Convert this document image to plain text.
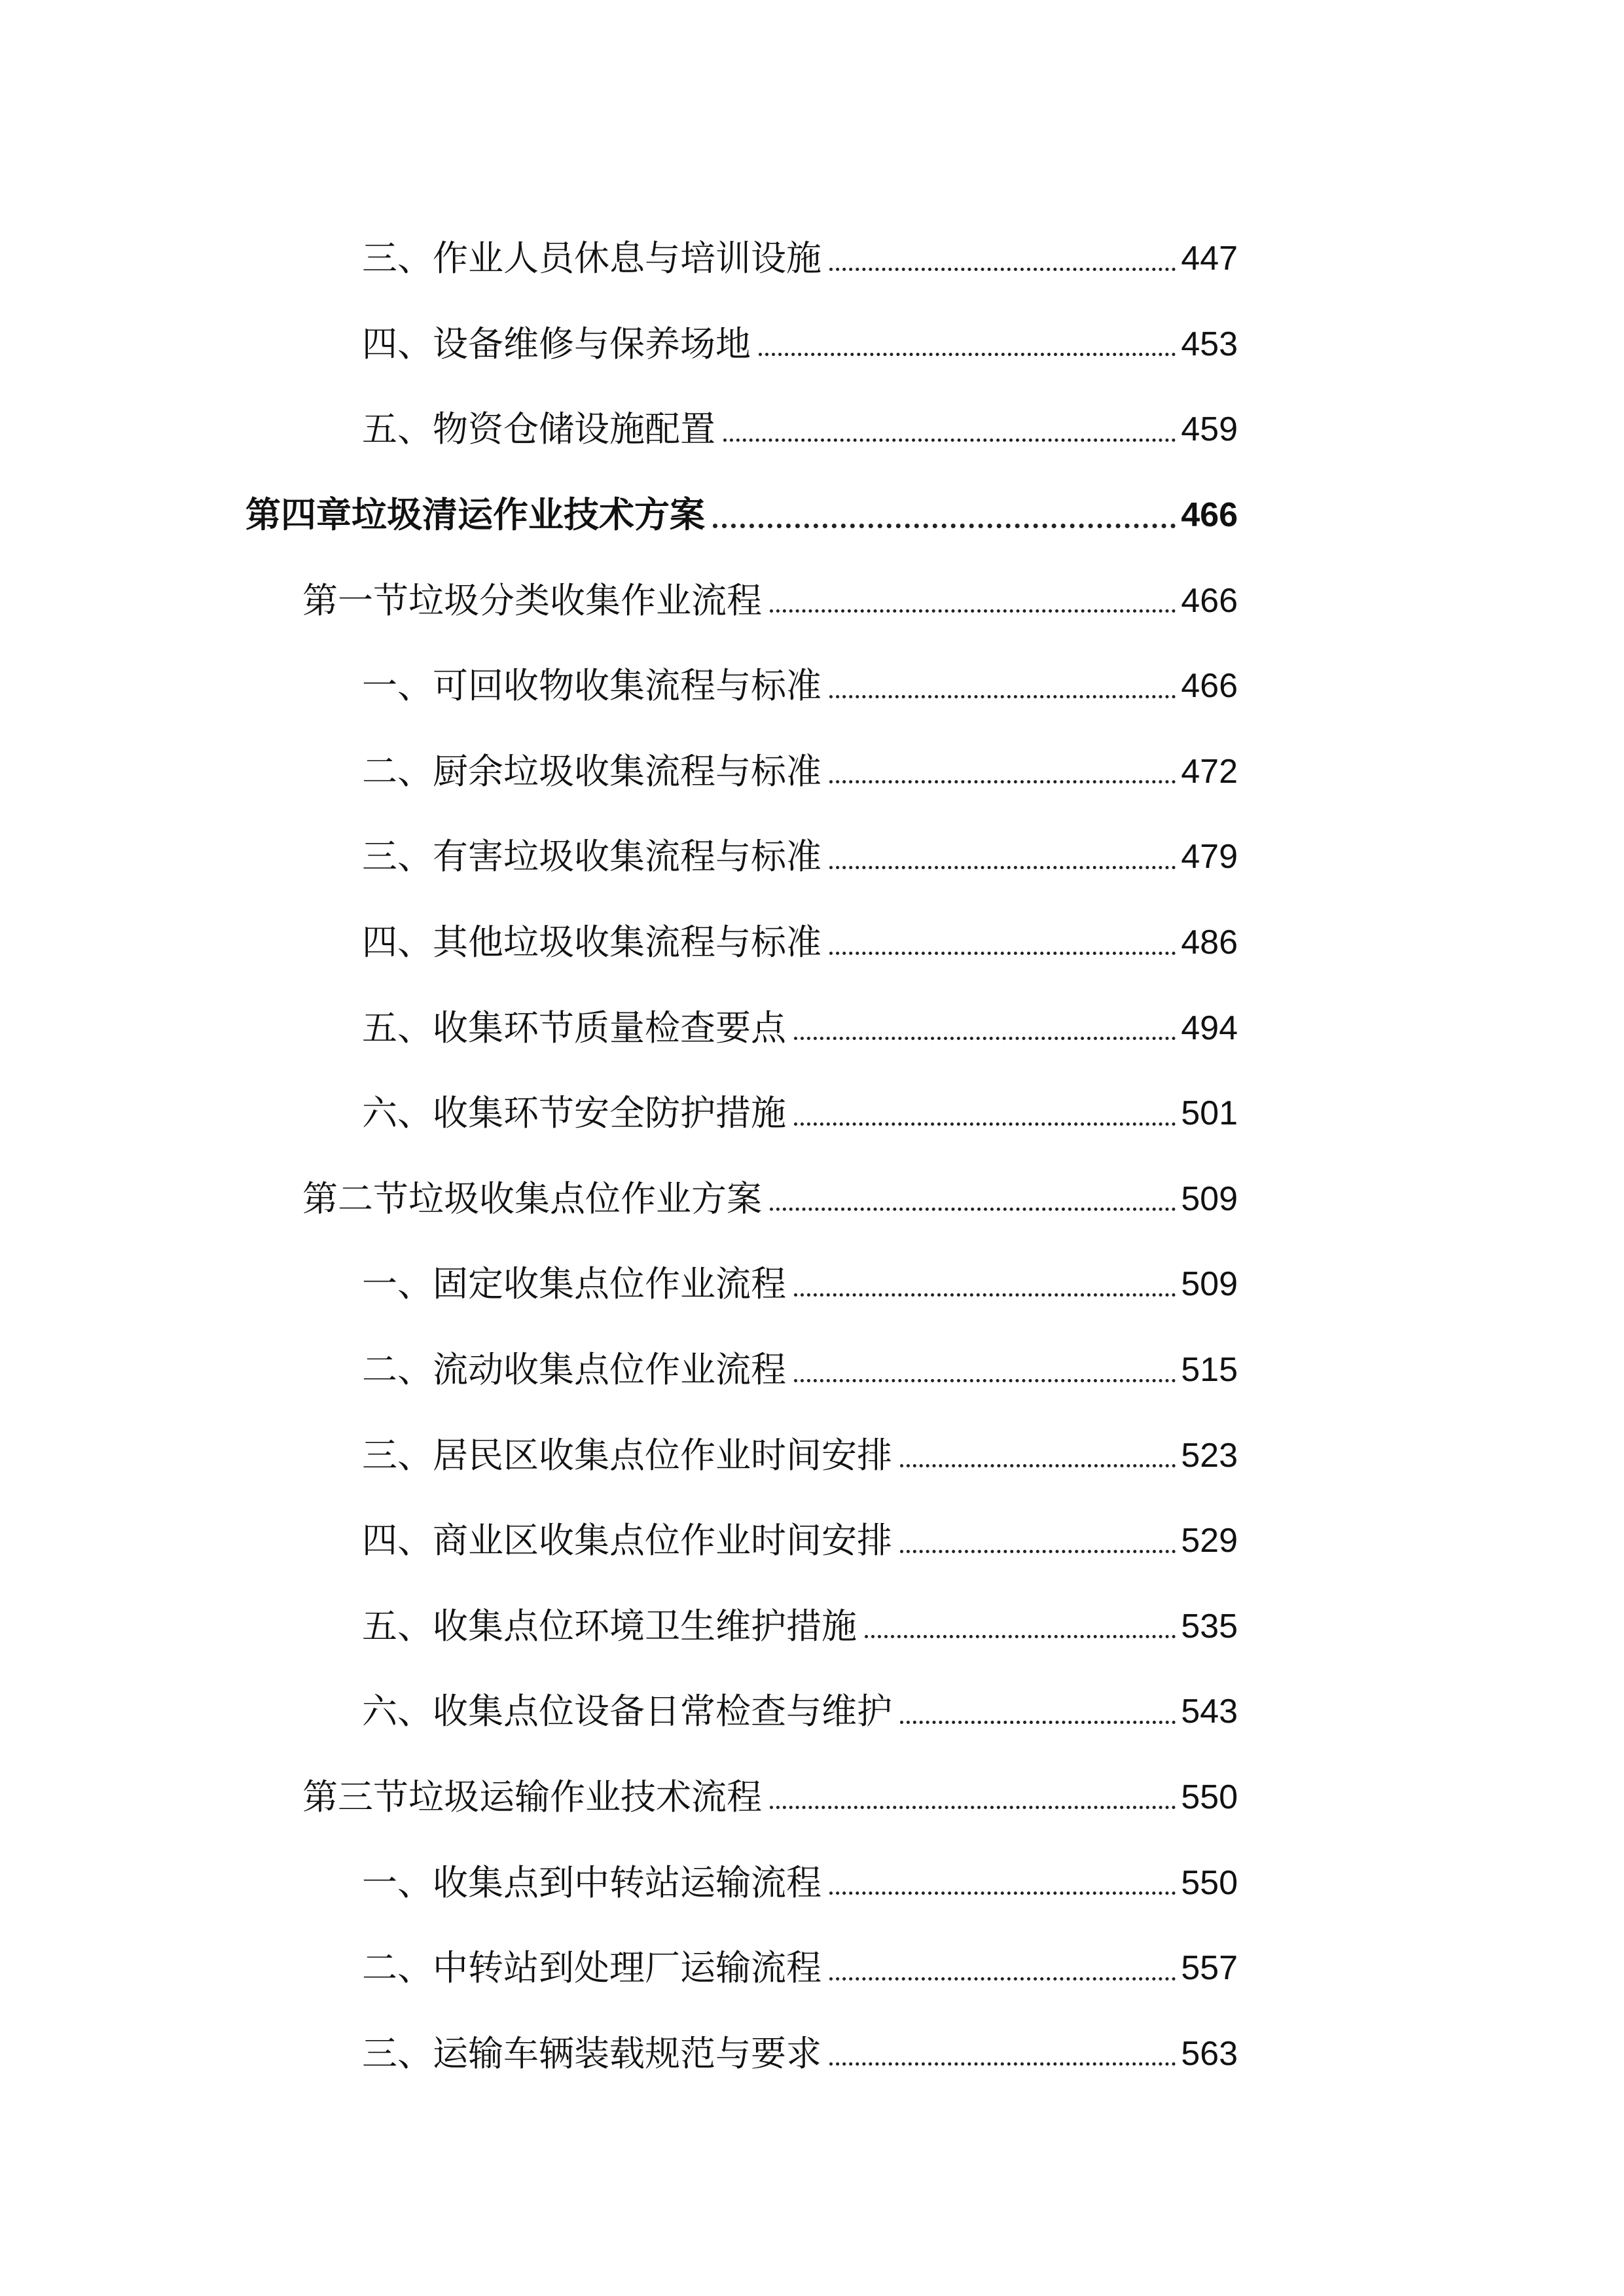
三、作业人员休息与培训设施	447
四、设备维修与保养场地	453
五、物资仓储设施配置	459
第四章垃圾清运作业技术方案	466
第一节垃圾分类收集作业流程	466
一、可回收物收集流程与标准	466
二、厨余垃圾收集流程与标准	472
三、有害垃圾收集流程与标准	479
四、其他垃圾收集流程与标准	486
五、收集环节质量检查要点	494
六、收集环节安全防护措施	501
第二节垃圾收集点位作业方案	509
一、固定收集点位作业流程	509
二、流动收集点位作业流程	515
三、居民区收集点位作业时间安排	523
四、商业区收集点位作业时间安排	529
五、收集点位环境卫生维护措施	535
六、收集点位设备日常检查与维护	543
第三节垃圾运输作业技术流程	550
一、收集点到中转站运输流程	550
二、中转站到处理厂运输流程	557
三、运输车辆装载规范与要求	563
